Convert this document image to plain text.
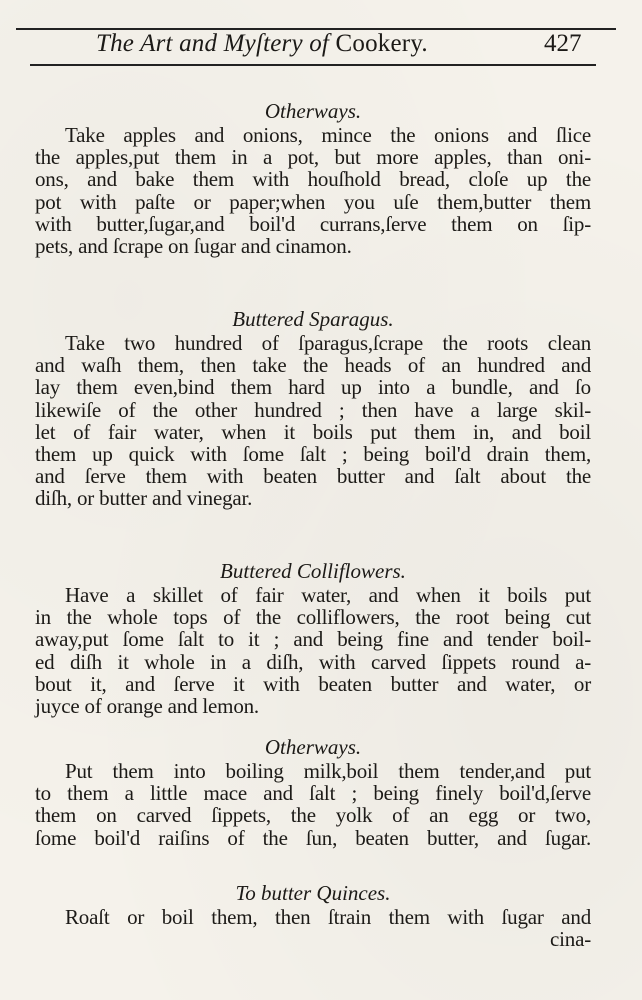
The Art and Myſtery of Cookery.	427
Otherways.
Take apples and onions, mince the onions and ſlice
the apples,put them in a pot, but more apples, than oni-
ons, and bake them with houſhold bread, cloſe up the
pot with paſte or paper;when you uſe them,butter them
with butter,ſugar,and boil'd currans,ſerve them on ſip-
pets, and ſcrape on ſugar and cinamon.
Buttered Sparagus.
Take two hundred of ſparagus,ſcrape the roots clean
and waſh them, then take the heads of an hundred and
lay them even,bind them hard up into a bundle, and ſo
likewiſe of the other hundred ; then have a large skil-
let of fair water, when it boils put them in, and boil
them up quick with ſome ſalt ; being boil'd drain them,
and ſerve them with beaten butter and ſalt about the
diſh, or butter and vinegar.
Buttered Colliflowers.
Have a skillet of fair water, and when it boils put
in the whole tops of the colliflowers, the root being cut
away,put ſome ſalt to it ; and being fine and tender boil-
ed diſh it whole in a diſh, with carved ſippets round a-
bout it, and ſerve it with beaten butter and water, or
juyce of orange and lemon.
Otherways.
Put them into boiling milk,boil them tender,and put
to them a little mace and ſalt ; being finely boil'd,ſerve
them on carved ſippets, the yolk of an egg or two,
ſome boil'd raiſins of the ſun, beaten butter, and ſugar.
To butter Quinces.
Roaſt or boil them, then ſtrain them with ſugar and
cina-
